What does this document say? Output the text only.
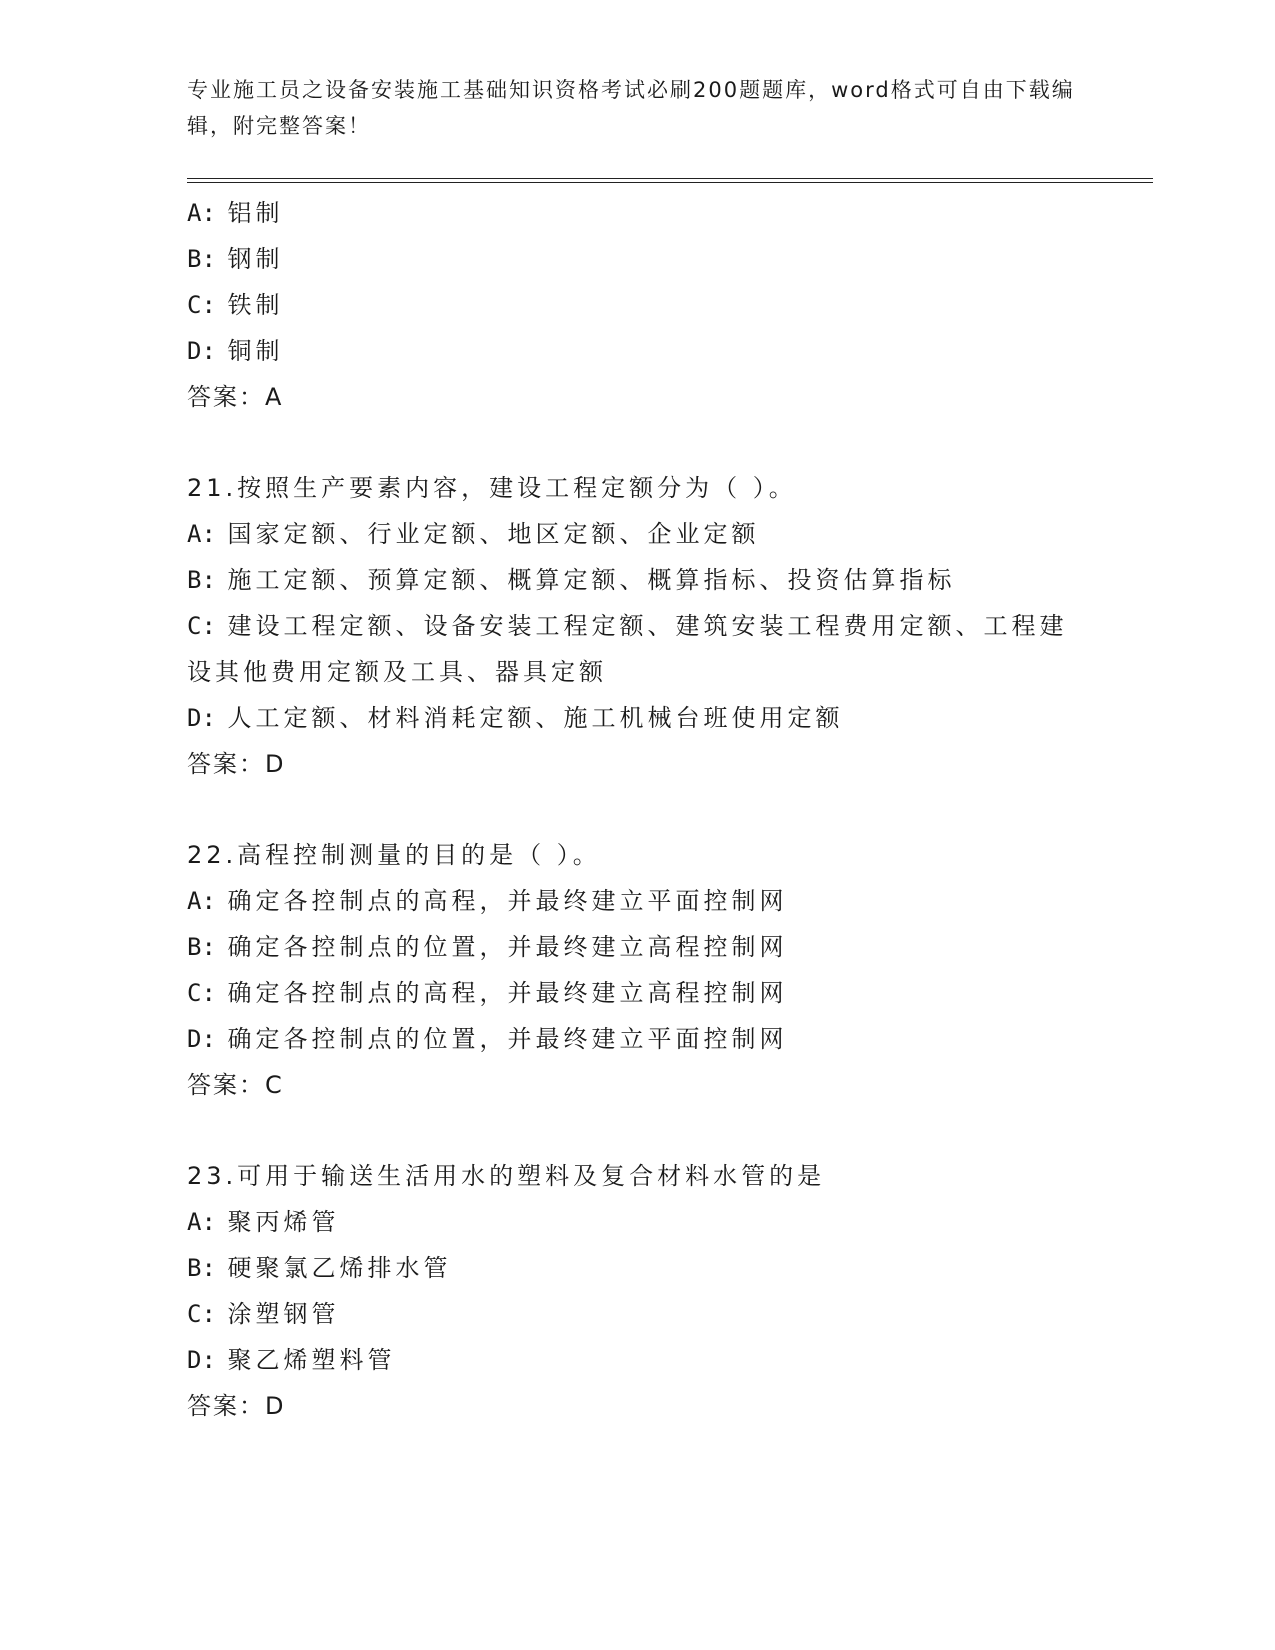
专业施工员之设备安装施工基础知识资格考试必刷200题题库，word格式可自由下载编辑，附完整答案！
A: 铝制
B: 钢制
C: 铁制
D: 铜制
答案：A
21.按照生产要素内容，建设工程定额分为（ ）。
A: 国家定额、行业定额、地区定额、企业定额
B: 施工定额、预算定额、概算定额、概算指标、投资估算指标
C: 建设工程定额、设备安装工程定额、建筑安装工程费用定额、工程建设其他费用定额及工具、器具定额
D: 人工定额、材料消耗定额、施工机械台班使用定额
答案：D
22.高程控制测量的目的是（ ）。
A: 确定各控制点的高程，并最终建立平面控制网
B: 确定各控制点的位置，并最终建立高程控制网
C: 确定各控制点的高程，并最终建立高程控制网
D: 确定各控制点的位置，并最终建立平面控制网
答案：C
23.可用于输送生活用水的塑料及复合材料水管的是
A: 聚丙烯管
B: 硬聚氯乙烯排水管
C: 涂塑钢管
D: 聚乙烯塑料管
答案：D
